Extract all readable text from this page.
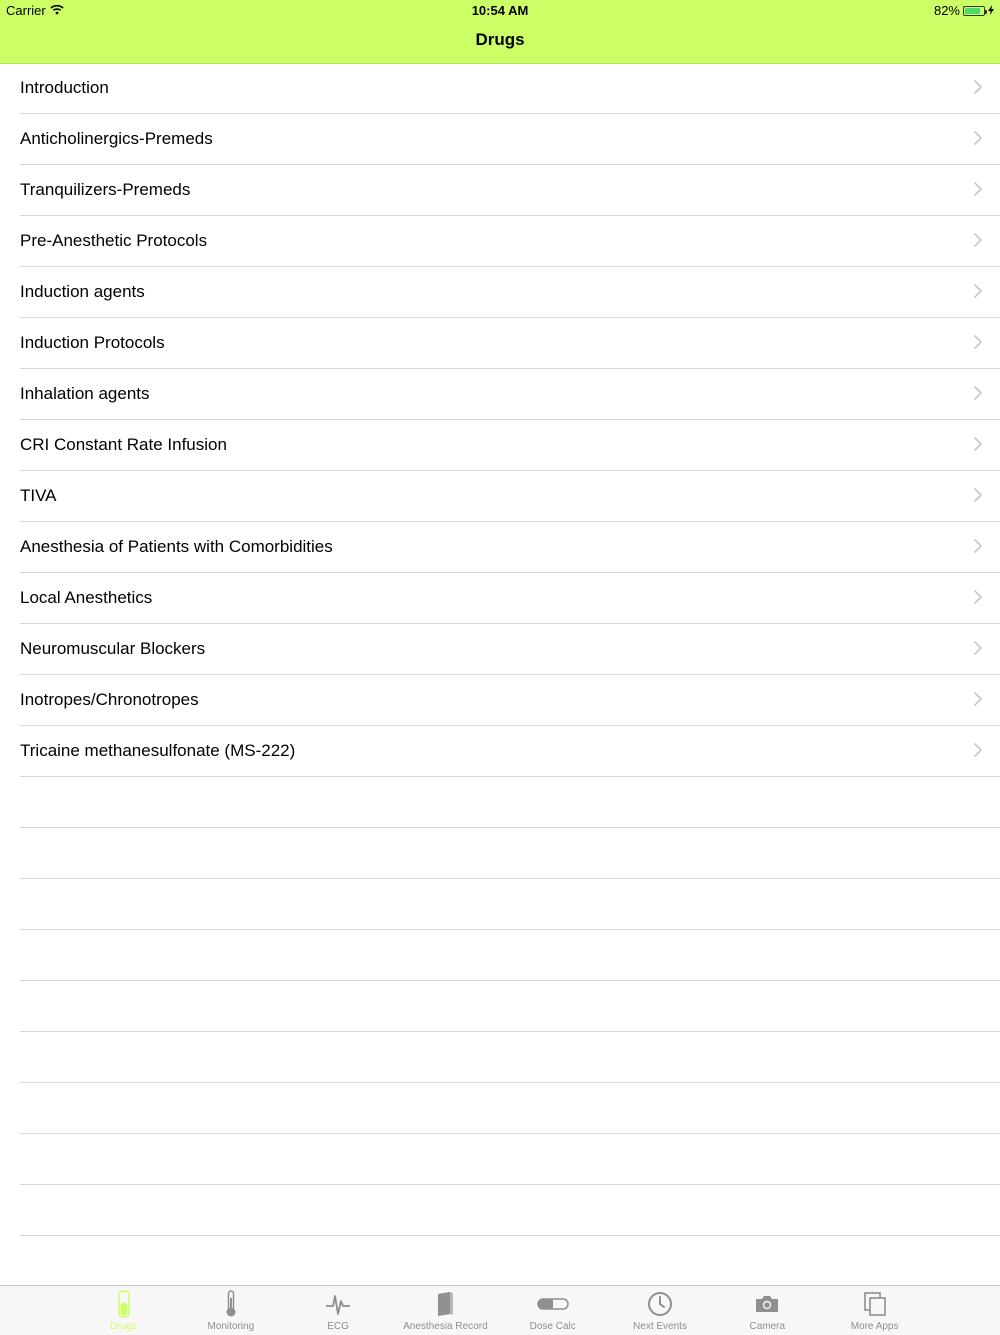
Carrier	10:54 AM	82%
Drugs
Introduction
Anticholinergics-Premeds
Tranquilizers-Premeds
Pre-Anesthetic Protocols
Induction agents
Induction Protocols
Inhalation agents
CRI Constant Rate Infusion
TIVA
Anesthesia of Patients with Comorbidities
Local Anesthetics
Neuromuscular Blockers
Inotropes/Chronotropes
Tricaine methanesulfonate (MS-222)
Drugs	Monitoring	ECG	Anesthesia Record	Dose Calc	Next Events	Camera	More Apps
